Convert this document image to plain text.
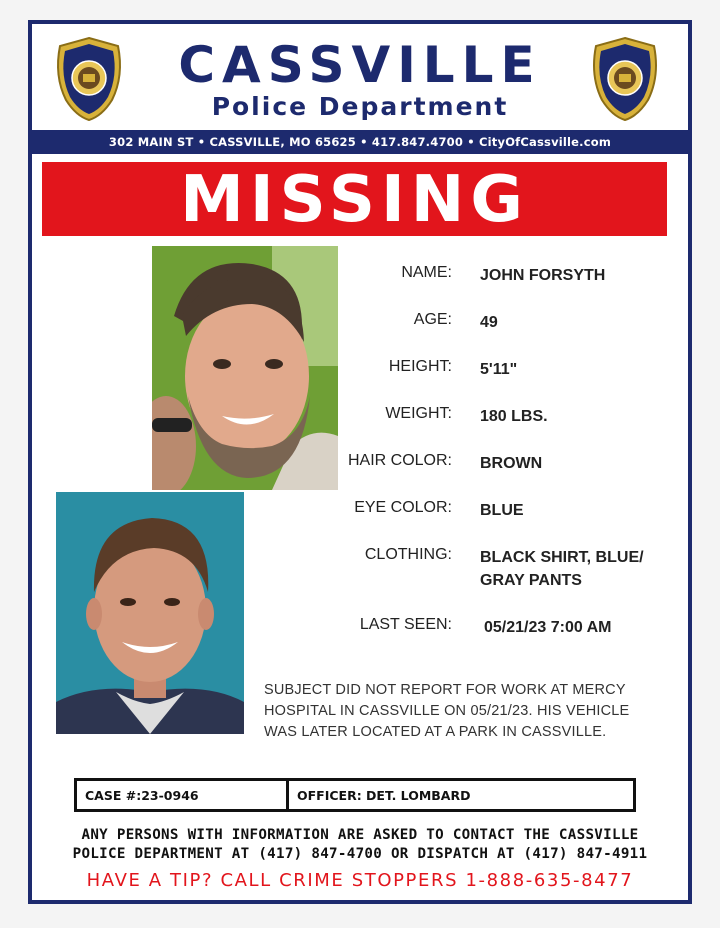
CASSVILLE
Police Department
302 MAIN ST • CASSVILLE, MO 65625 • 417.847.4700 • CityOfCassville.com
MISSING
NAME: JOHN FORSYTH
AGE: 49
HEIGHT: 5'11"
WEIGHT: 180 LBS.
HAIR COLOR: BROWN
EYE COLOR: BLUE
CLOTHING: BLACK SHIRT, BLUE/
GRAY PANTS
LAST SEEN: 05/21/23 7:00 AM
SUBJECT DID NOT REPORT FOR WORK AT MERCY
HOSPITAL IN CASSVILLE ON 05/21/23. HIS VEHICLE
WAS LATER LOCATED AT A PARK IN CASSVILLE.
CASE #:23-0946	OFFICER: DET. LOMBARD
ANY PERSONS WITH INFORMATION ARE ASKED TO CONTACT THE CASSVILLE
POLICE DEPARTMENT AT (417) 847-4700 OR DISPATCH AT (417) 847-4911
HAVE A TIP? CALL CRIME STOPPERS 1-888-635-8477
